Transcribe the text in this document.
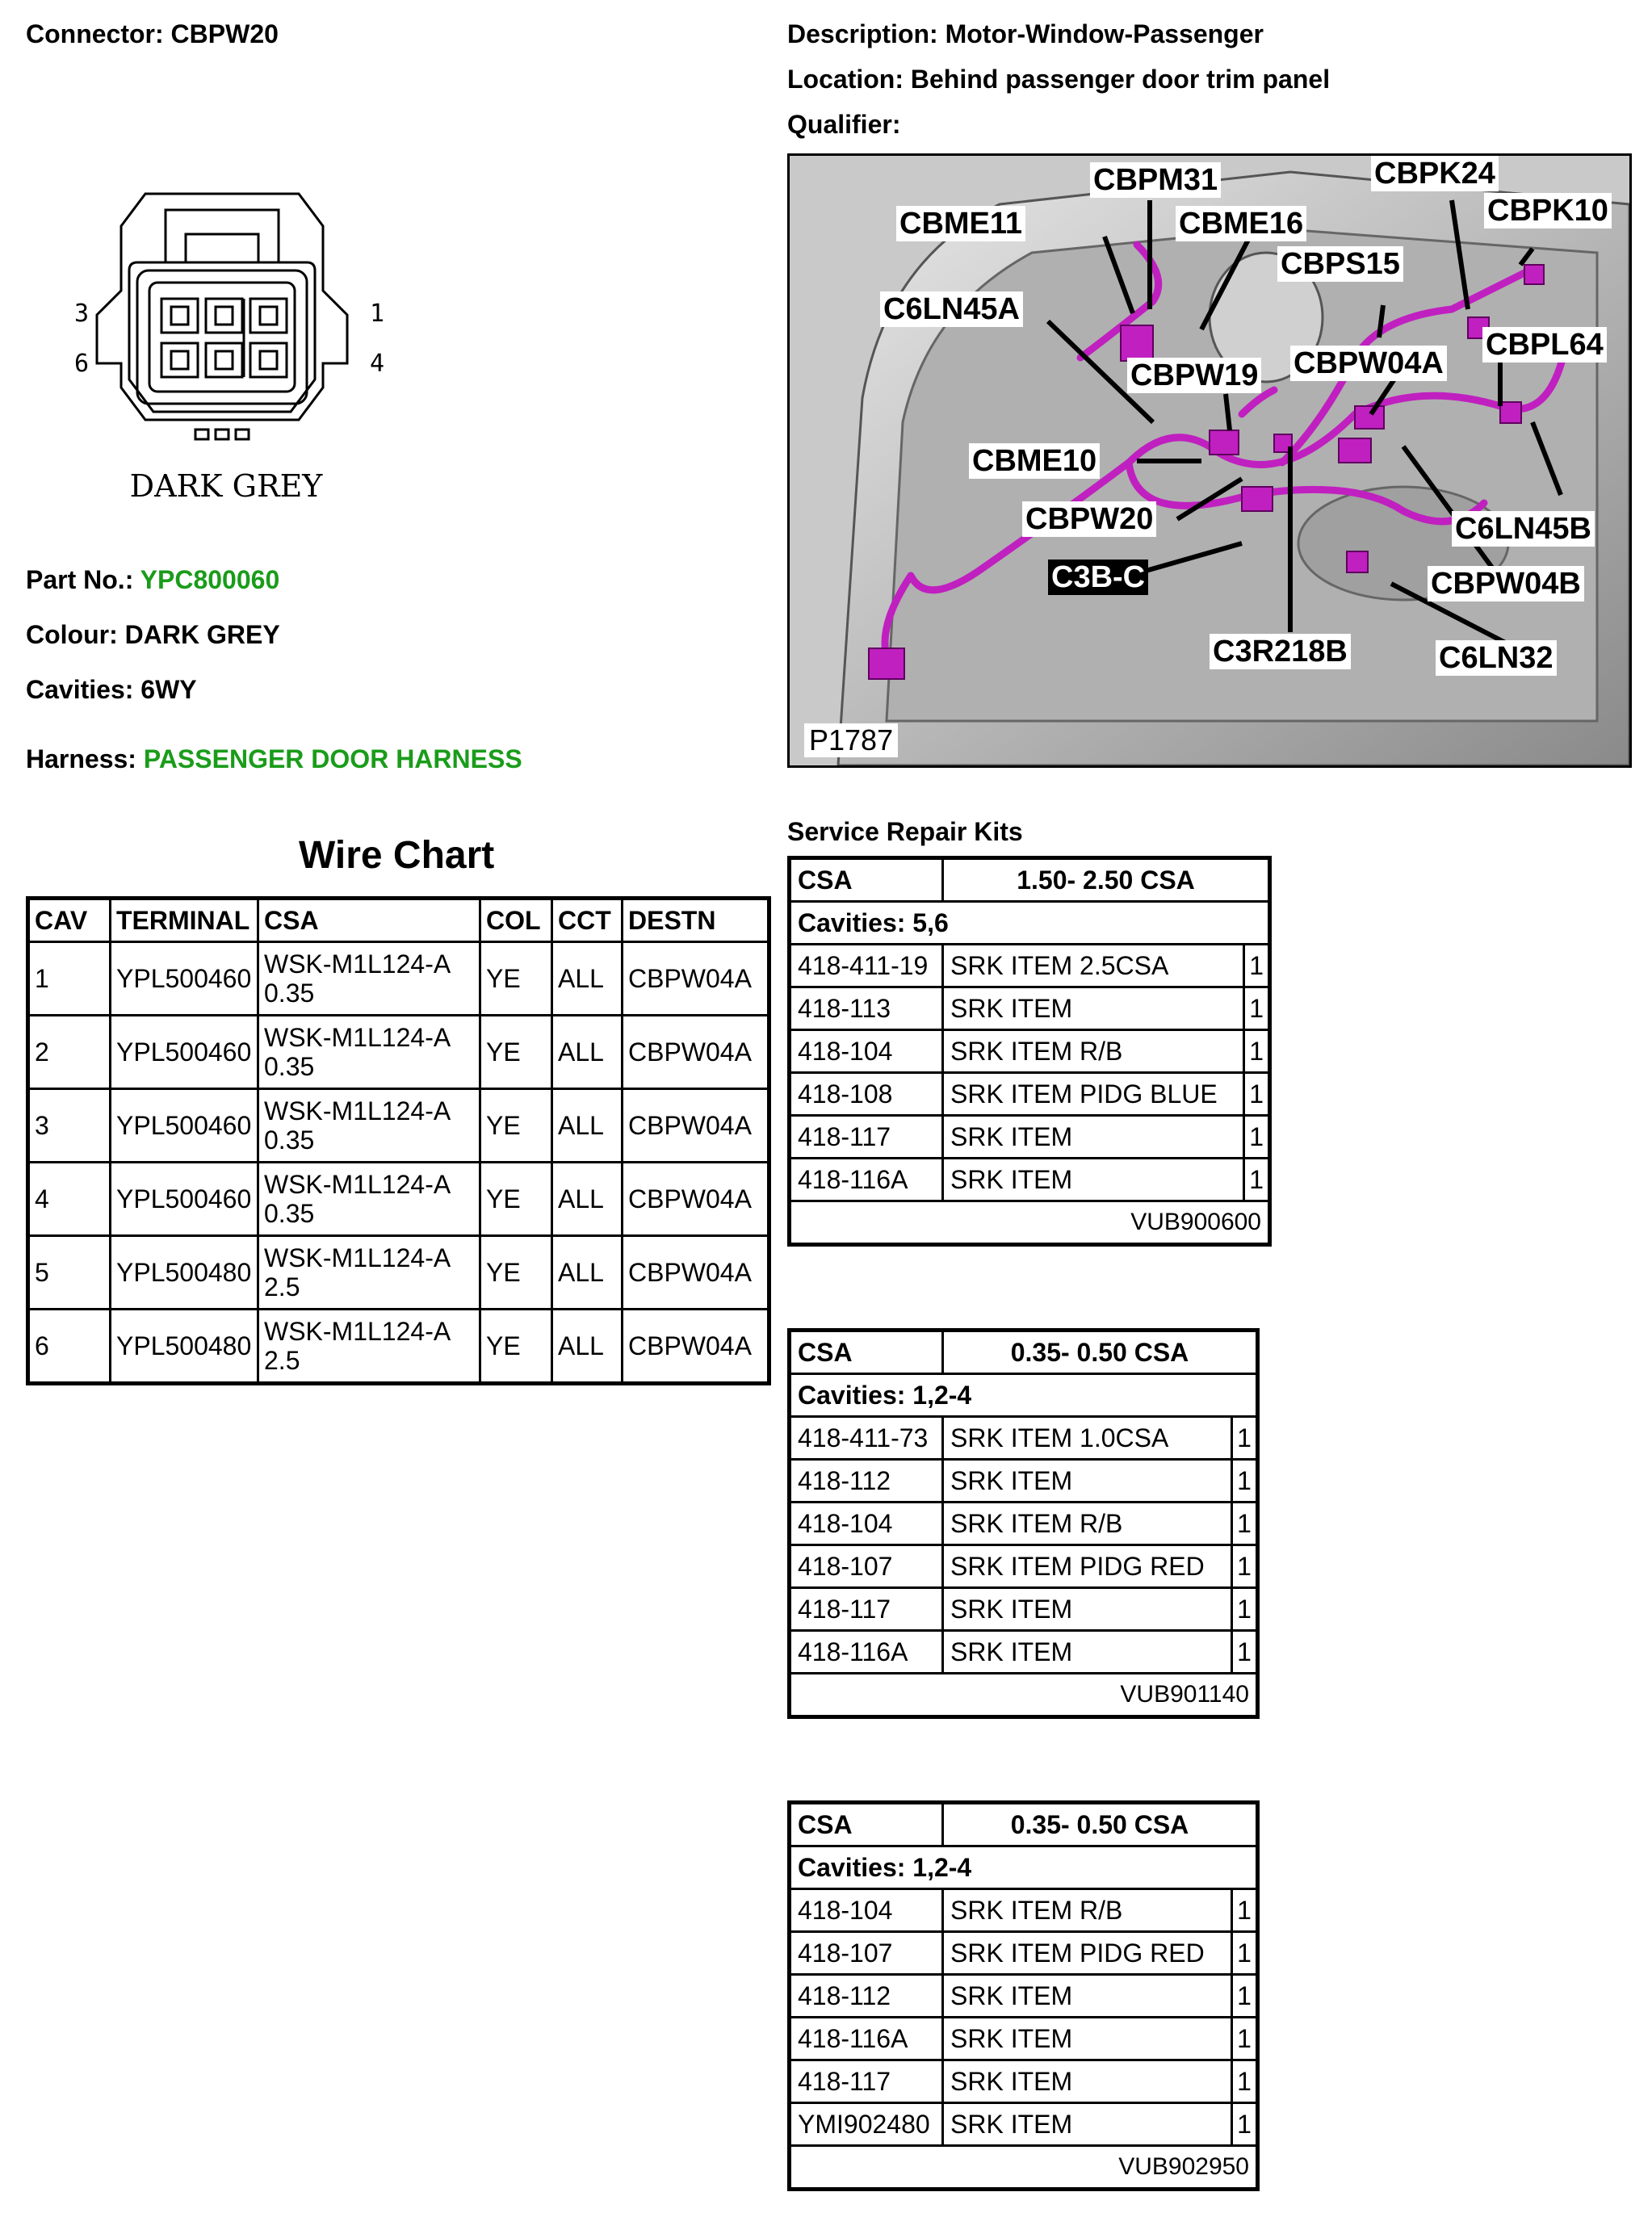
Connector: CBPW20	Description: Motor-Window-Passenger
Location: Behind passenger door trim panel
Qualifier:
3
6
1
4
DARK GREY
Part No.: YPC800060
Colour: DARK GREY
Cavities: 6WY
Harness: PASSENGER DOOR HARNESS
CBPM31	CBPK24
CBME11	CBME16	CBPK10
CBPS15
C6LN45A
CBPL64
CBPW19 CBPW04A
CBME10
CBPW20	C6LN45B
C3B-C	CBPW04B
C3R218B	C6LN32
P1787
Wire Chart
CAV	TERMINAL	CSA	COL	CCT	DESTN
1	YPL500460	WSK-M1L124-A 0.35	YE	ALL	CBPW04A
2	YPL500460	WSK-M1L124-A 0.35	YE	ALL	CBPW04A
3	YPL500460	WSK-M1L124-A 0.35	YE	ALL	CBPW04A
4	YPL500460	WSK-M1L124-A 0.35	YE	ALL	CBPW04A
5	YPL500480	WSK-M1L124-A 2.5	YE	ALL	CBPW04A
6	YPL500480	WSK-M1L124-A 2.5	YE	ALL	CBPW04A
Service Repair Kits
CSA	1.50- 2.50 CSA	
Cavities: 5,6		
418-411-19	SRK ITEM 2.5CSA	1
418-113	SRK ITEM	1
418-104	SRK ITEM R/B	1
418-108	SRK ITEM PIDG BLUE	1
418-117	SRK ITEM	1
418-116A	SRK ITEM	1
VUB900600		
CSA	0.35- 0.50 CSA	
Cavities: 1,2-4		
418-411-73	SRK ITEM 1.0CSA	1
418-112	SRK ITEM	1
418-104	SRK ITEM R/B	1
418-107	SRK ITEM PIDG RED	1
418-117	SRK ITEM	1
418-116A	SRK ITEM	1
VUB901140		
CSA	0.35- 0.50 CSA	
Cavities: 1,2-4		
418-104	SRK ITEM R/B	1
418-107	SRK ITEM PIDG RED	1
418-112	SRK ITEM	1
418-116A	SRK ITEM	1
418-117	SRK ITEM	1
YMI902480	SRK ITEM	1
VUB902950		
